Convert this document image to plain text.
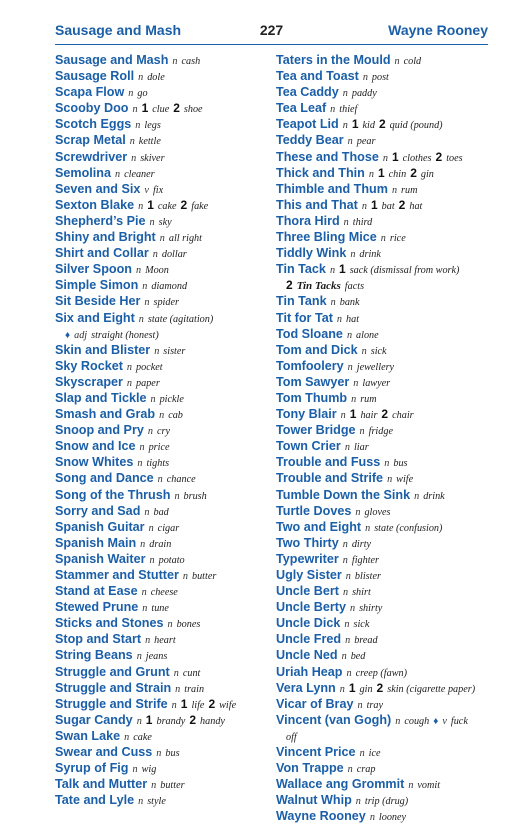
Sausage and Mash	227	Wayne Rooney
Sausage and Mash n cash
Sausage Roll n dole
Scapa Flow n go
Scooby Doo n 1 clue 2 shoe
Scotch Eggs n legs
Scrap Metal n kettle
Screwdriver n skiver
Semolina n cleaner
Seven and Six v fix
Sexton Blake n 1 cake 2 fake
Shepherd’s Pie n sky
Shiny and Bright n all right
Shirt and Collar n dollar
Silver Spoon n Moon
Simple Simon n diamond
Sit Beside Her n spider
Six and Eight n state (agitation)
♦ adj straight (honest)
Skin and Blister n sister
Sky Rocket n pocket
Skyscraper n paper
Slap and Tickle n pickle
Smash and Grab n cab
Snoop and Pry n cry
Snow and Ice n price
Snow Whites n tights
Song and Dance n chance
Song of the Thrush n brush
Sorry and Sad n bad
Spanish Guitar n cigar
Spanish Main n drain
Spanish Waiter n potato
Stammer and Stutter n butter
Stand at Ease n cheese
Stewed Prune n tune
Sticks and Stones n bones
Stop and Start n heart
String Beans n jeans
Struggle and Grunt n cunt
Struggle and Strain n train
Struggle and Strife n 1 life 2 wife
Sugar Candy n 1 brandy 2 handy
Swan Lake n cake
Swear and Cuss n bus
Syrup of Fig n wig
Talk and Mutter n butter
Tate and Lyle n style
Taters in the Mould n cold
Tea and Toast n post
Tea Caddy n paddy
Tea Leaf n thief
Teapot Lid n 1 kid 2 quid (pound)
Teddy Bear n pear
These and Those n 1 clothes 2 toes
Thick and Thin n 1 chin 2 gin
Thimble and Thum n rum
This and That n 1 bat 2 hat
Thora Hird n third
Three Bling Mice n rice
Tiddly Wink n drink
Tin Tack n 1 sack (dismissal from work)
2 Tin Tacks facts
Tin Tank n bank
Tit for Tat n hat
Tod Sloane n alone
Tom and Dick n sick
Tomfoolery n jewellery
Tom Sawyer n lawyer
Tom Thumb n rum
Tony Blair n 1 hair 2 chair
Tower Bridge n fridge
Town Crier n liar
Trouble and Fuss n bus
Trouble and Strife n wife
Tumble Down the Sink n drink
Turtle Doves n gloves
Two and Eight n state (confusion)
Two Thirty n dirty
Typewriter n fighter
Ugly Sister n blister
Uncle Bert n shirt
Uncle Berty n shirty
Uncle Dick n sick
Uncle Fred n bread
Uncle Ned n bed
Uriah Heap n creep (fawn)
Vera Lynn n 1 gin 2 skin (cigarette paper)
Vicar of Bray n tray
Vincent (van Gogh) n cough ♦ v fuck
off
Vincent Price n ice
Von Trappe n crap
Wallace ang Grommit n vomit
Walnut Whip n trip (drug)
Wayne Rooney n looney
